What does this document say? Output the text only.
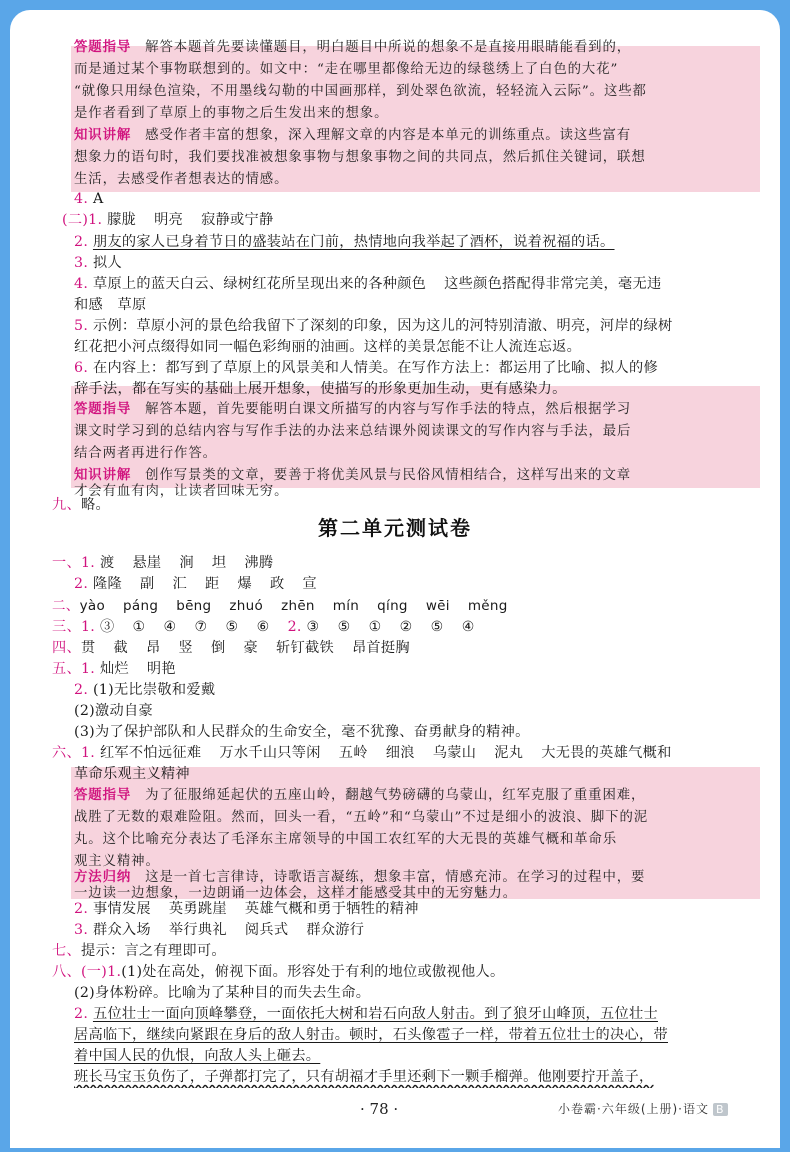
答题指导 解答本题首先要读懂题目，明白题目中所说的想象不是直接用眼睛能看到的，
而是通过某个事物联想到的。如文中：“走在哪里都像给无边的绿毯绣上了白色的大花”
“就像只用绿色渲染，不用墨线勾勒的中国画那样，到处翠色欲流，轻轻流入云际”。这些都
是作者看到了草原上的事物之后生发出来的想象。
知识讲解 感受作者丰富的想象，深入理解文章的内容是本单元的训练重点。读这些富有
想象力的语句时，我们要找准被想象事物与想象事物之间的共同点，然后抓住关键词，联想
生活，去感受作者想表达的情感。
4. A
(二)1. 朦胧 明亮 寂静或宁静
2. 朋友的家人已身着节日的盛装站在门前，热情地向我举起了酒杯，说着祝福的话。
3. 拟人
4. 草原上的蓝天白云、绿树红花所呈现出来的各种颜色 这些颜色搭配得非常完美，毫无违
和感　草原
5. 示例：草原小河的景色给我留下了深刻的印象，因为这儿的河特别清澈、明亮，河岸的绿树
红花把小河点缀得如同一幅色彩绚丽的油画。这样的美景怎能不让人流连忘返。
6. 在内容上：都写到了草原上的风景美和人情美。在写作方法上：都运用了比喻、拟人的修
辞手法，都在写实的基础上展开想象，使描写的形象更加生动，更有感染力。
答题指导 解答本题，首先要能明白课文所描写的内容与写作手法的特点，然后根据学习
课文时学习到的总结内容与写作手法的办法来总结课外阅读课文的写作内容与手法，最后
结合两者再进行作答。
知识讲解 创作写景类的文章，要善于将优美风景与民俗风情相结合，这样写出来的文章
才会有血有肉，让读者回味无穷。
九、略。
第二单元测试卷
一、1. 渡 悬崖 涧 坦 沸腾
2. 隆隆 副 汇 距 爆 政 宣
二、yào páng bēng zhuó zhēn mín qíng wēi měng
三、1. ③ ① ④ ⑦ ⑤ ⑥ 2. ③ ⑤ ① ② ⑤ ④
四、贯 截 昂 竖 倒 豪 斩钉截铁 昂首挺胸
五、1. 灿烂 明艳
2. (1)无比崇敬和爱戴
(2)激动自豪
(3)为了保护部队和人民群众的生命安全，毫不犹豫、奋勇献身的精神。
六、1. 红军不怕远征难 万水千山只等闲 五岭 细浪 乌蒙山 泥丸 大无畏的英雄气概和
革命乐观主义精神
答题指导 为了征服绵延起伏的五座山岭，翻越气势磅礴的乌蒙山，红军克服了重重困难，
战胜了无数的艰难险阻。然而，回头一看，“五岭”和“乌蒙山”不过是细小的波浪、脚下的泥
丸。这个比喻充分表达了毛泽东主席领导的中国工农红军的大无畏的英雄气概和革命乐
观主义精神。
方法归纳 这是一首七言律诗，诗歌语言凝练，想象丰富，情感充沛。在学习的过程中，要
一边读一边想象，一边朗诵一边体会，这样才能感受其中的无穷魅力。
2. 事情发展 英勇跳崖 英雄气概和勇于牺牲的精神
3. 群众入场 举行典礼 阅兵式 群众游行
七、提示：言之有理即可。
八、(一)1.(1)处在高处，俯视下面。形容处于有利的地位或傲视他人。
(2)身体粉碎。比喻为了某种目的而失去生命。
2. 五位壮士一面向顶峰攀登，一面依托大树和岩石向敌人射击。到了狼牙山峰顶，五位壮士
居高临下，继续向紧跟在身后的敌人射击。顿时，石头像雹子一样，带着五位壮士的决心，带
着中国人民的仇恨，向敌人头上砸去。
班长马宝玉负伤了，子弹都打完了，只有胡福才手里还剩下一颗手榴弹。他刚要拧开盖子，
· 78 ·	小卷霸·六年级(上册)·语文 B
